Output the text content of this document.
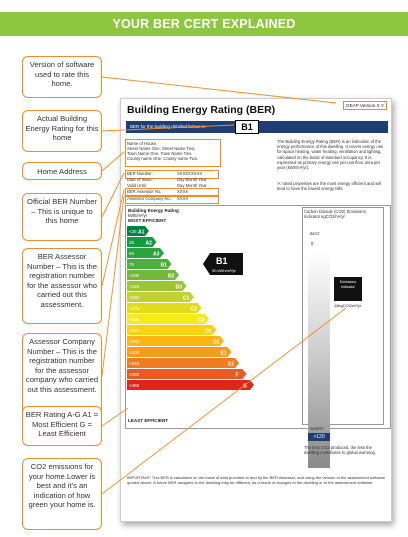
YOUR BER CERT EXPLAINED
Version of software used to rate this home.
Actual Building Energy Rating for this home
Home Address
Official BER Number – This is unique to this home
BER Assessor Number – This is the registration number for the assessor who carried out this assessment.
Assessor Company Number – This is the registration number for the assessor company who carried out this assessment.
BER Rating A-G A1 = Most Efficient G = Least Efficient
CO2 emissions for your home.Lower is best and it's an indication of how green your home is.
Building Energy Rating (BER)	DEAP Version X.Y
BER for the building detailed below is:	B1
Name of House,
Street Name One, Street Name Two,
Town Name One, Town Name Two,
County name One, County name Two.
BER Number:	XXXXXXXXX
Date of Issue:	Day Month Year
Valid Until:	Day Month Year
BER Assessor No.:	XXXX
Assessor Company No.: XXXX
The Building Energy Rating (BER) is an indication of the energy performance of this dwelling. It covers energy use for space heating, water heating, ventilation and lighting, calculated on the basis of standard occupancy. It is expressed as primary energy use per unit floor area per year (kWh/m²/yr).
'A' rated properties are the most energy efficient and will tend to have the lowest energy bills.
Building Energy Rating
kWh/m²/yr
MOST EFFICIENT
LEAST EFFICIENT
<25 A1
25 A2
50	A3
75	B1
>100	B2
>125	B3
>150	C1
>175	C2
>200	C3
>225	D1
>260	D2
>300	E1
>340	E2
>380	F
>450	G
B1
90 kWh/m²/yr
Carbon Dioxide (CO2) Emissions Indicator kgCO2/m²/yr
BEST
0
Emissions Indicator
18kgCO2/m²/yr
WORST
>120
The less CO2 produced, the less the dwelling contributes to global warming.
IMPORTANT: This BER is calculated on the basis of data provided to and by the BER Assessor, and using the version of the assessment software quoted above. A future BER assigned to the dwelling may be different, as a result of changes to the dwelling or to the assessment software.
